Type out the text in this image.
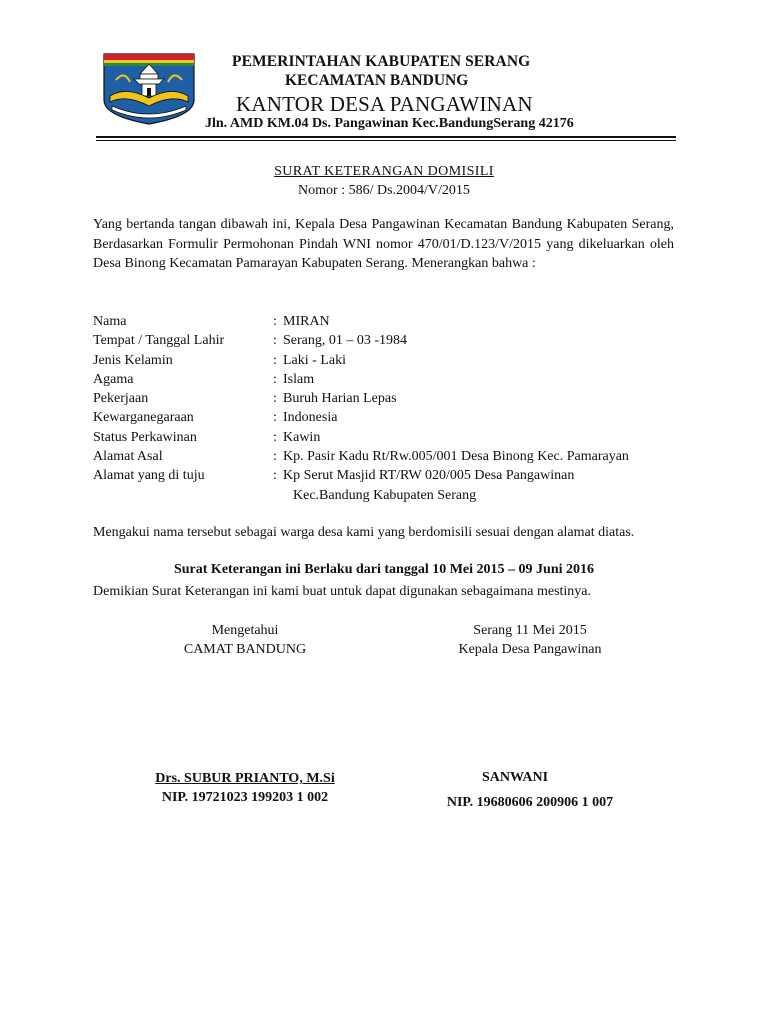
PEMERINTAHAN KABUPATEN SERANG
KECAMATAN BANDUNG
KANTOR DESA PANGAWINAN
Jln. AMD KM.04 Ds. Pangawinan Kec.BandungSerang 42176
SURAT KETERANGAN DOMISILI
Nomor : 586/ Ds.2004/V/2015
Yang bertanda tangan dibawah ini, Kepala Desa Pangawinan Kecamatan Bandung Kabupaten Serang, Berdasarkan Formulir Permohonan Pindah WNI nomor 470/01/D.123/V/2015 yang dikeluarkan oleh Desa Binong Kecamatan Pamarayan Kabupaten Serang. Menerangkan bahwa :
Nama	: MIRAN
Tempat / Tanggal Lahir	: Serang, 01 – 03 -1984
Jenis Kelamin	: Laki - Laki
Agama	: Islam
Pekerjaan	: Buruh Harian Lepas
Kewarganegaraan	: Indonesia
Status Perkawinan	: Kawin
Alamat Asal	: Kp. Pasir Kadu Rt/Rw.005/001 Desa Binong Kec. Pamarayan
Alamat yang di tuju	: Kp Serut Masjid RT/RW 020/005 Desa Pangawinan
Kec.Bandung Kabupaten Serang
Mengakui nama tersebut sebagai warga desa kami yang berdomisili sesuai dengan alamat diatas.
Surat Keterangan ini Berlaku dari tanggal 10 Mei 2015 – 09 Juni 2016
Demikian Surat Keterangan ini kami buat untuk dapat digunakan sebagaimana mestinya.
Mengetahui
CAMAT BANDUNG
Serang 11 Mei 2015
Kepala Desa Pangawinan
Drs. SUBUR PRIANTO, M.Si
NIP. 19721023 199203 1 002
SANWANI
NIP. 19680606 200906 1 007
